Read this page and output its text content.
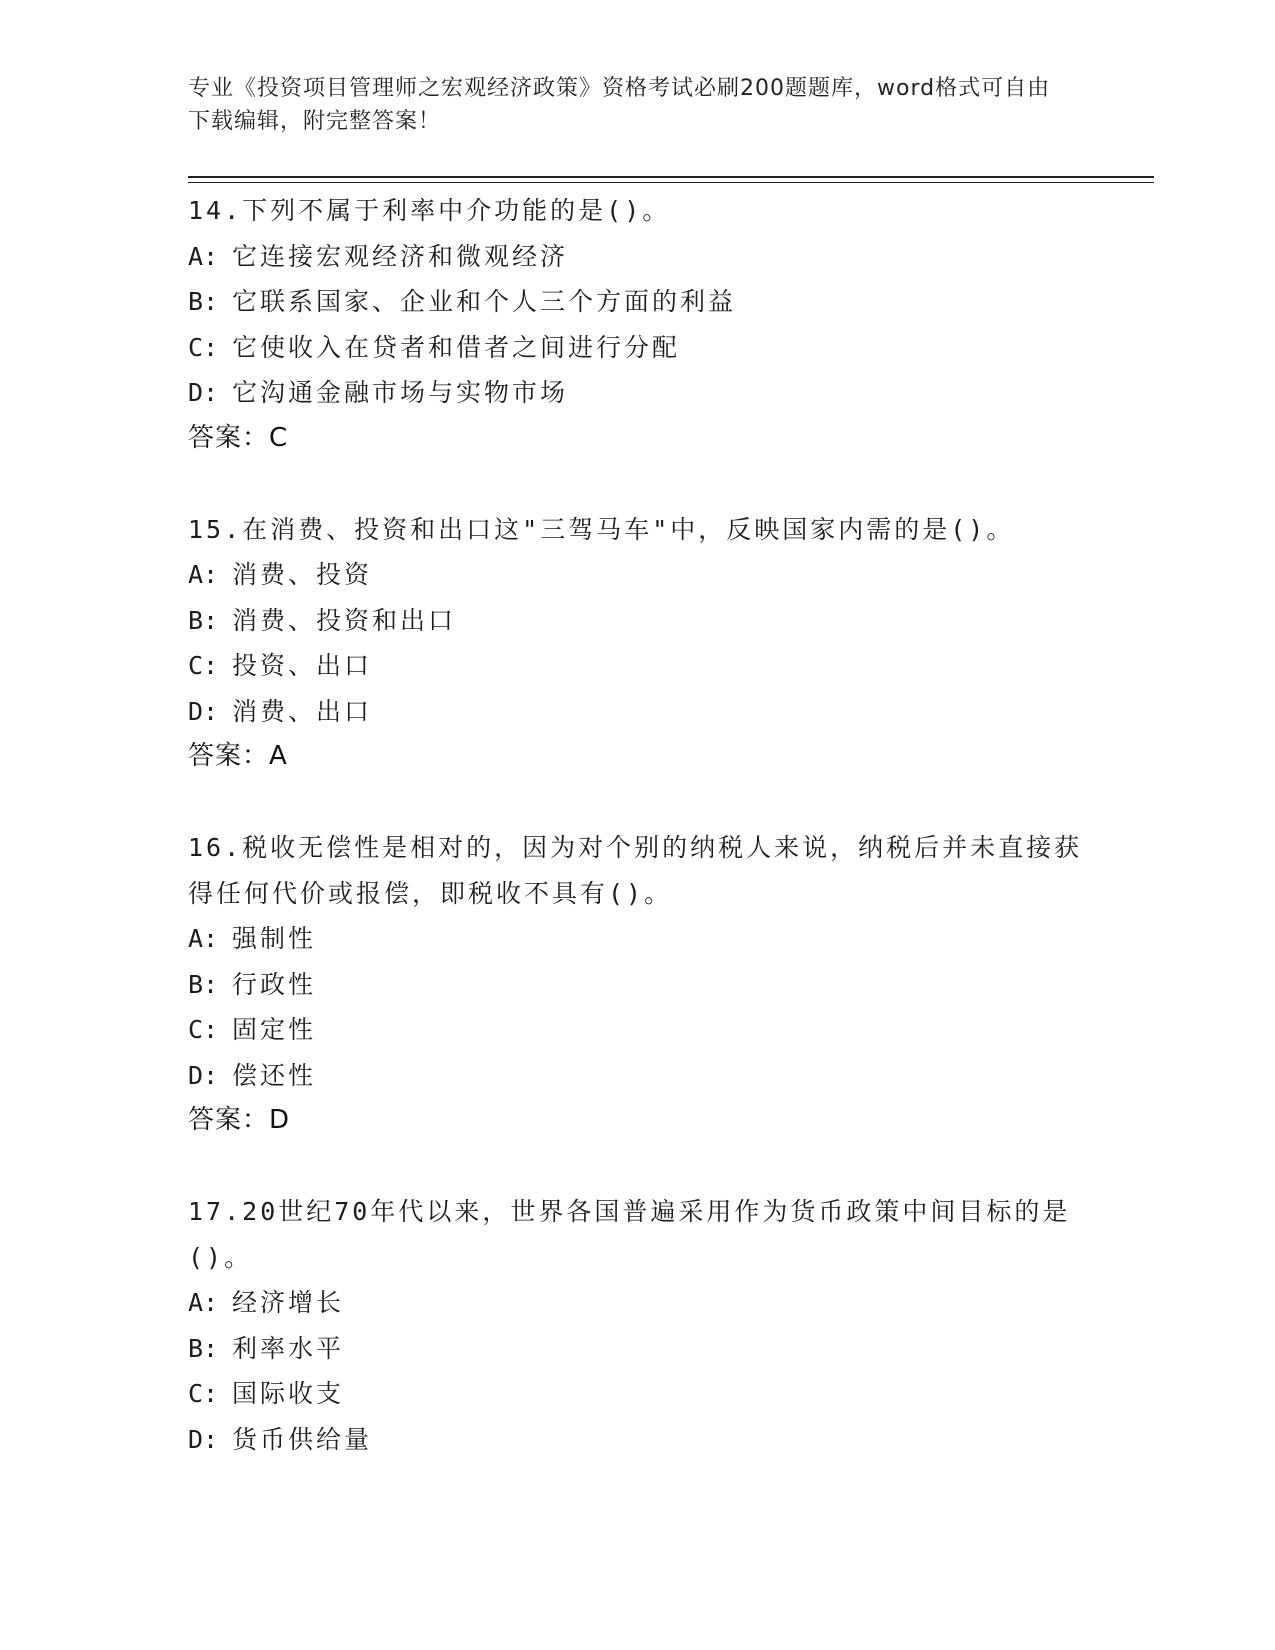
专业《投资项目管理师之宏观经济政策》资格考试必刷200题题库，word格式可自由下载编辑，附完整答案！

14.下列不属于利率中介功能的是()。

A: 它连接宏观经济和微观经济

B: 它联系国家、企业和个人三个方面的利益

C: 它使收入在贷者和借者之间进行分配

D: 它沟通金融市场与实物市场

答案：C

15.在消费、投资和出口这"三驾马车"中，反映国家内需的是()。

A: 消费、投资

B: 消费、投资和出口

C: 投资、出口

D: 消费、出口

答案：A

16.税收无偿性是相对的，因为对个别的纳税人来说，纳税后并未直接获得任何代价或报偿，即税收不具有()。

A: 强制性

B: 行政性

C: 固定性

D: 偿还性

答案：D

17.20世纪70年代以来，世界各国普遍采用作为货币政策中间目标的是()。

A: 经济增长

B: 利率水平

C: 国际收支

D: 货币供给量
